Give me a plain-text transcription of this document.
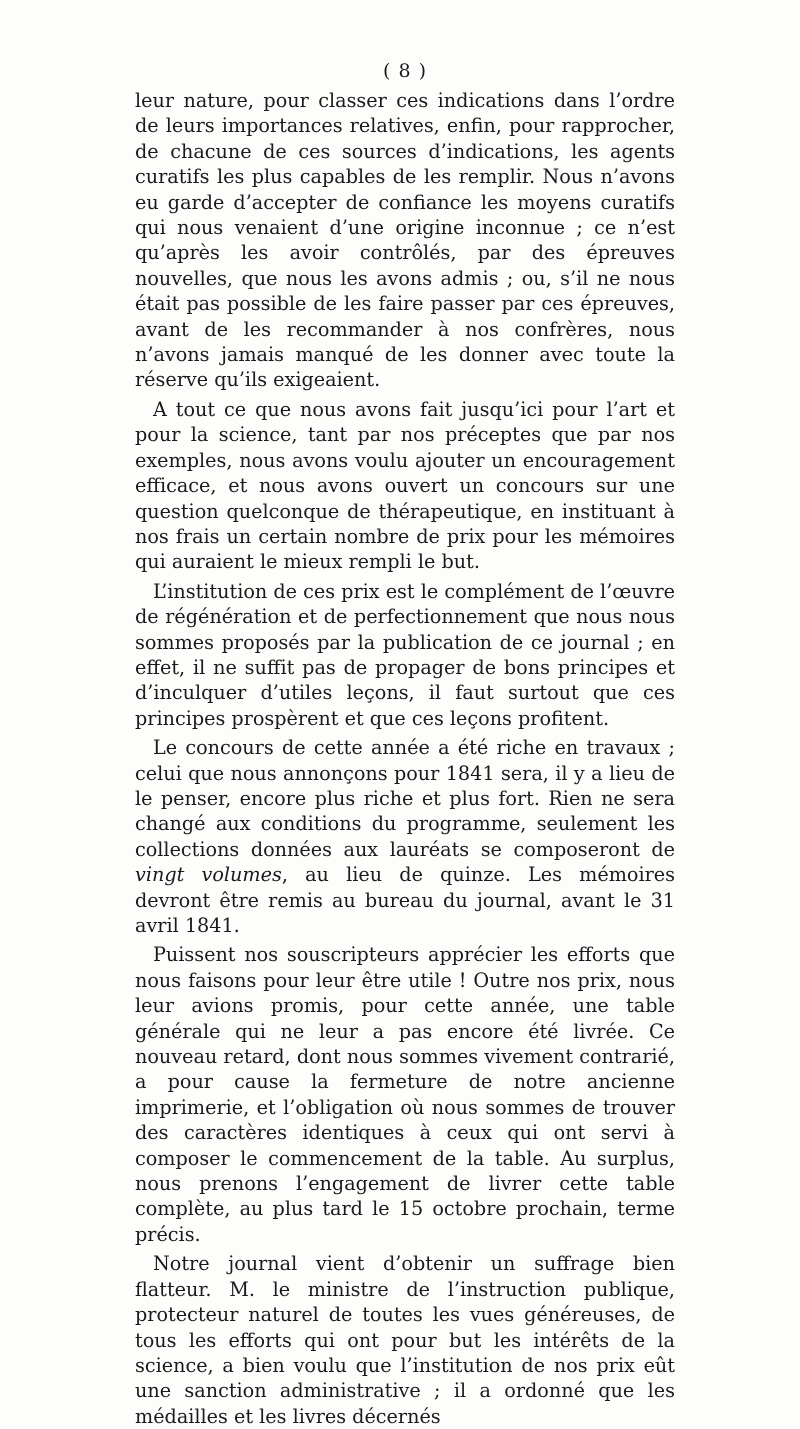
( 8 )

leur nature, pour classer ces indications dans l’ordre de leurs importances relatives, enfin, pour rapprocher, de chacune de ces sources d’indications, les agents curatifs les plus capables de les remplir. Nous n’avons eu garde d’accepter de confiance les moyens curatifs qui nous venaient d’une origine inconnue ; ce n’est qu’après les avoir contrôlés, par des épreuves nouvelles, que nous les avons admis ; ou, s’il ne nous était pas possible de les faire passer par ces épreuves, avant de les recommander à nos confrères, nous n’avons jamais manqué de les donner avec toute la réserve qu’ils exigeaient.

A tout ce que nous avons fait jusqu’ici pour l’art et pour la science, tant par nos préceptes que par nos exemples, nous avons voulu ajouter un encouragement efficace, et nous avons ouvert un concours sur une question quelconque de thérapeutique, en instituant à nos frais un certain nombre de prix pour les mémoires qui auraient le mieux rempli le but.

L’institution de ces prix est le complément de l’œuvre de régénération et de perfectionnement que nous nous sommes proposés par la publication de ce journal ; en effet, il ne suffit pas de propager de bons principes et d’inculquer d’utiles leçons, il faut surtout que ces principes prospèrent et que ces leçons profitent.

Le concours de cette année a été riche en travaux ; celui que nous annonçons pour 1841 sera, il y a lieu de le penser, encore plus riche et plus fort. Rien ne sera changé aux conditions du programme, seulement les collections données aux lauréats se composeront de vingt volumes, au lieu de quinze. Les mémoires devront être remis au bureau du journal, avant le 31 avril 1841.

Puissent nos souscripteurs apprécier les efforts que nous faisons pour leur être utile ! Outre nos prix, nous leur avions promis, pour cette année, une table générale qui ne leur a pas encore été livrée. Ce nouveau retard, dont nous sommes vivement contrarié, a pour cause la fermeture de notre ancienne imprimerie, et l’obligation où nous sommes de trouver des caractères identiques à ceux qui ont servi à composer le commencement de la table. Au surplus, nous prenons l’engagement de livrer cette table complète, au plus tard le 15 octobre prochain, terme précis.

Notre journal vient d’obtenir un suffrage bien flatteur. M. le ministre de l’instruction publique, protecteur naturel de toutes les vues généreuses, de tous les efforts qui ont pour but les intérêts de la science, a bien voulu que l’institution de nos prix eût une sanction administrative ; il a ordonné que les médailles et les livres décernés
